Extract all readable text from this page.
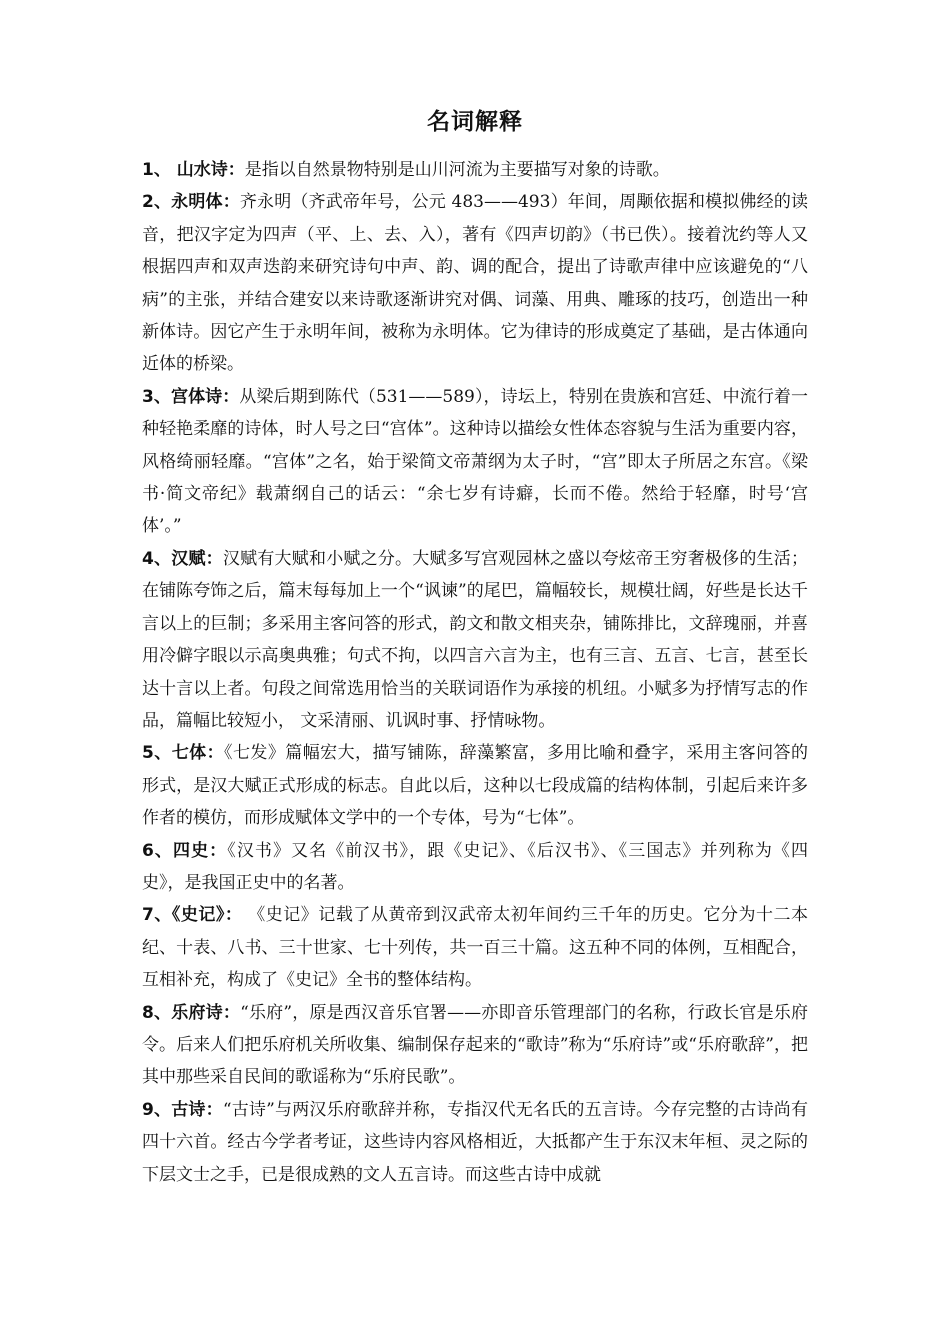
名词解释

1、 山水诗：是指以自然景物特别是山川河流为主要描写对象的诗歌。

2、永明体：齐永明（齐武帝年号，公元 483——493）年间，周颙依据和模拟佛经的读音，把汉字定为四声（平、上、去、入），著有《四声切韵》（书已佚）。接着沈约等人又根据四声和双声迭韵来研究诗句中声、韵、调的配合，提出了诗歌声律中应该避免的“八病”的主张，并结合建安以来诗歌逐渐讲究对偶、词藻、用典、雕琢的技巧，创造出一种新体诗。因它产生于永明年间，被称为永明体。它为律诗的形成奠定了基础，是古体通向近体的桥梁。

3、宫体诗：从梁后期到陈代（531——589），诗坛上，特别在贵族和宫廷、中流行着一种轻艳柔靡的诗体，时人号之曰“宫体”。这种诗以描绘女性体态容貌与生活为重要内容，风格绮丽轻靡。“宫体”之名，始于梁简文帝萧纲为太子时，“宫”即太子所居之东宫。《梁书·简文帝纪》载萧纲自己的话云：“余七岁有诗癖，长而不倦。然给于轻靡，时号‘宫体’。”

4、汉赋：汉赋有大赋和小赋之分。大赋多写宫观园林之盛以夸炫帝王穷奢极侈的生活；在铺陈夸饰之后，篇末每每加上一个“讽谏”的尾巴，篇幅较长，规模壮阔，好些是长达千言以上的巨制；多采用主客问答的形式，韵文和散文相夹杂，铺陈排比，文辞瑰丽，并喜用冷僻字眼以示高奥典雅；句式不拘，以四言六言为主，也有三言、五言、七言，甚至长达十言以上者。句段之间常选用恰当的关联词语作为承接的机纽。小赋多为抒情写志的作品，篇幅比较短小， 文采清丽、讥讽时事、抒情咏物。

5、七体：《七发》篇幅宏大，描写铺陈，辞藻繁富，多用比喻和叠字，采用主客问答的形式，是汉大赋正式形成的标志。自此以后，这种以七段成篇的结构体制，引起后来许多作者的模仿，而形成赋体文学中的一个专体，号为“七体”。

6、四史：《汉书》又名《前汉书》，跟《史记》、《后汉书》、《三国志》并列称为《四史》，是我国正史中的名著。

7、《史记》： 《史记》记载了从黄帝到汉武帝太初年间约三千年的历史。它分为十二本纪、十表、八书、三十世家、七十列传，共一百三十篇。这五种不同的体例，互相配合，互相补充，构成了《史记》全书的整体结构。

8、乐府诗：“乐府”，原是西汉音乐官署——亦即音乐管理部门的名称，行政长官是乐府令。后来人们把乐府机关所收集、编制保存起来的“歌诗”称为“乐府诗”或“乐府歌辞”，把其中那些采自民间的歌谣称为“乐府民歌”。

9、古诗：“古诗”与两汉乐府歌辞并称，专指汉代无名氏的五言诗。今存完整的古诗尚有四十六首。经古今学者考证，这些诗内容风格相近，大抵都产生于东汉末年桓、灵之际的下层文士之手，已是很成熟的文人五言诗。而这些古诗中成就
